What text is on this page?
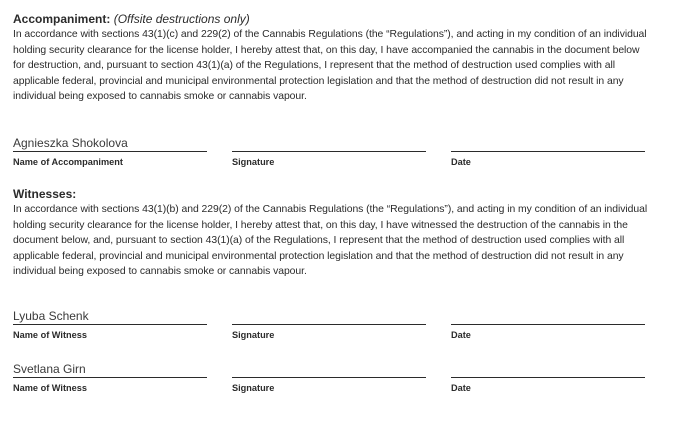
Accompaniment: (Offsite destructions only)

In accordance with sections 43(1)(c) and 229(2) of the Cannabis Regulations (the “Regulations”), and acting in my condition of an individual holding security clearance for the license holder, I hereby attest that, on this day, I have accompanied the cannabis in the document below for destruction, and, pursuant to section 43(1)(a) of the Regulations, I represent that the method of destruction used complies with all applicable federal, provincial and municipal environmental protection legislation and that the method of destruction did not result in any individual being exposed to cannabis smoke or cannabis vapour.

Agnieszka Shokolova
Name of Accompaniment	Signature	Date

Witnesses:

In accordance with sections 43(1)(b) and 229(2) of the Cannabis Regulations (the “Regulations”), and acting in my condition of an individual holding security clearance for the license holder, I hereby attest that, on this day, I have witnessed the destruction of the cannabis in the document below, and, pursuant to section 43(1)(a) of the Regulations, I represent that the method of destruction used complies with all applicable federal, provincial and municipal environmental protection legislation and that the method of destruction did not result in any individual being exposed to cannabis smoke or cannabis vapour.

Lyuba Schenk
Name of Witness	Signature	Date
Svetlana Girn
Name of Witness	Signature	Date
